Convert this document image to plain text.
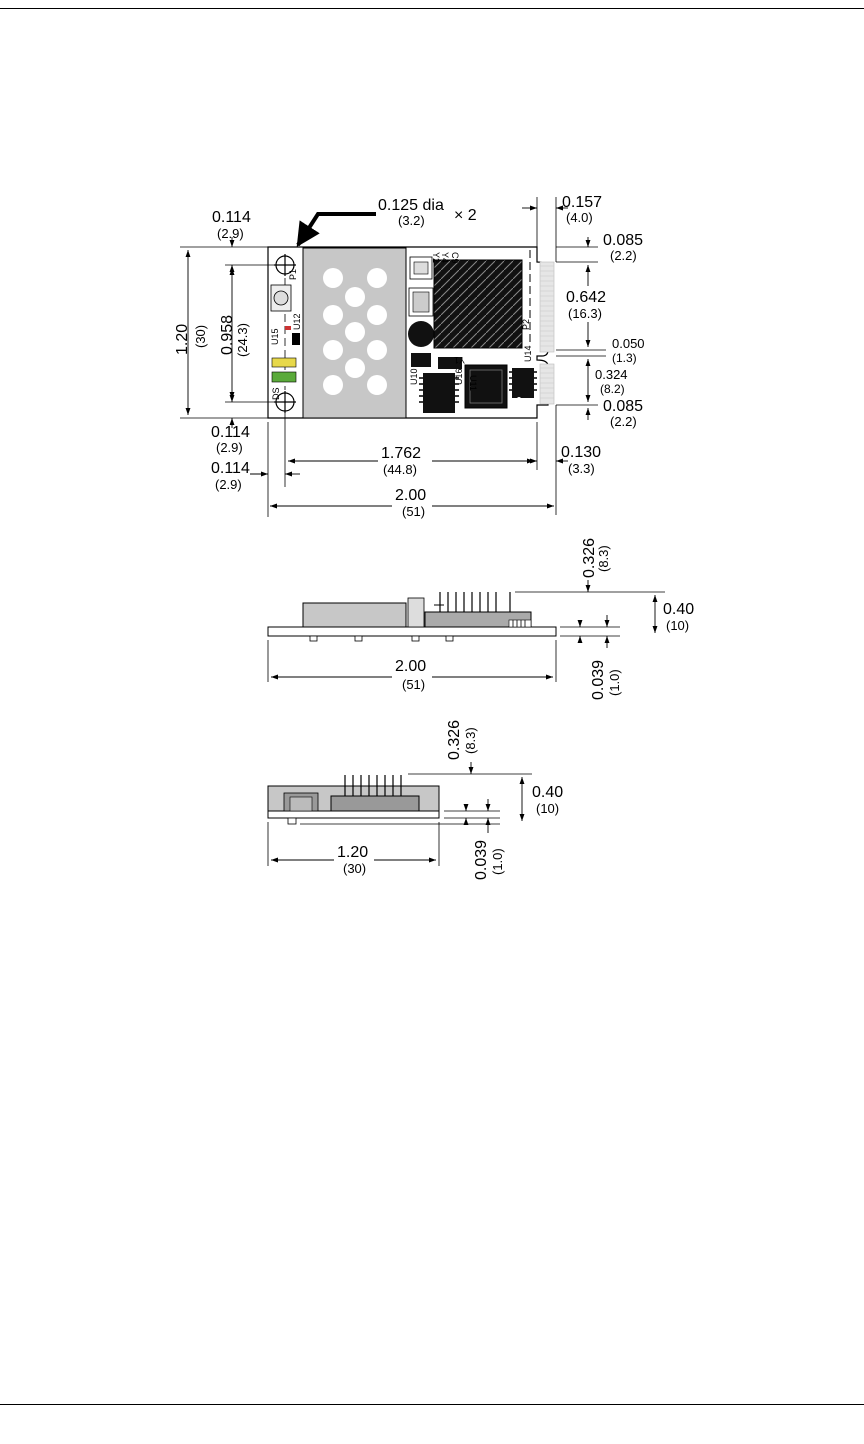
Y4
Y2 C9
P1
P2
U12
U15
U11
U10	U16
U14
DS
Y1
0.125 dia
(3.2) × 2
0.114
(2.9)
1.20 (30) 0.958 (24.3)
0.114
(2.9)
0.114
(2.9)
1.762
(44.8)
2.00
(51)
0.157
(4.0)
0.130
(3.3)
0.085
(2.2)
0.642
(16.3)
0.050
(1.3)
0.324
(8.2)
0.085
(2.2)
0.326
(8.3)
0.40
(10)
0.039 (1.0)
2.00
(51)
0.326 (8.3)
0.40
(10)
0.039 (1.0)
1.20
(30)
